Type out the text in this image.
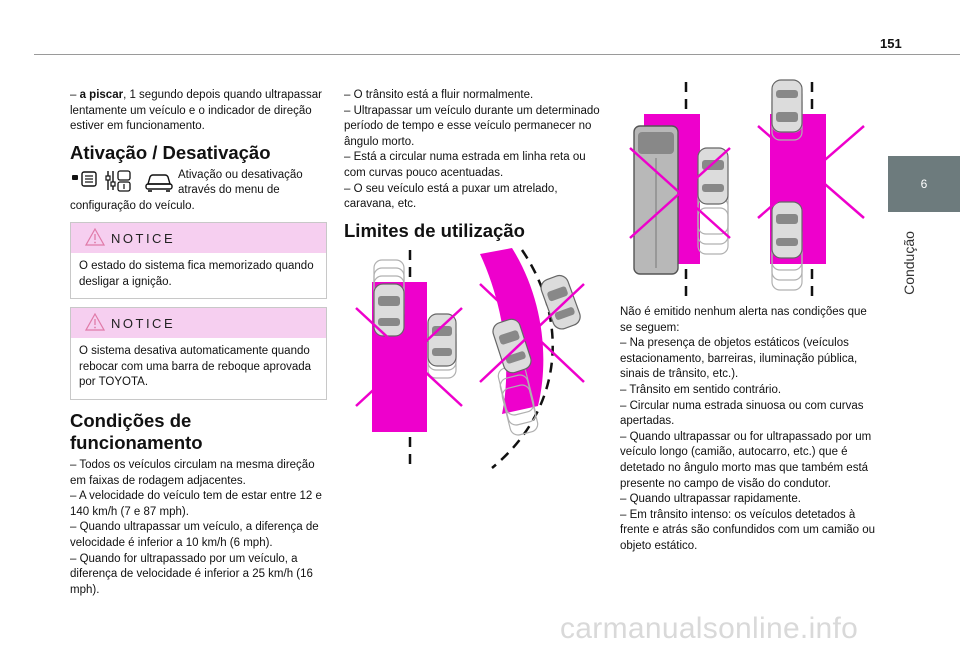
151
6
Condução

– a piscar, 1 segundo depois quando ultrapassar lentamente um veículo e o indicador de direção estiver em funcionamento.

Ativação / Desativação
Ativação ou desativação
através do menu de
configuração do veículo.
NOTICE
O estado do sistema fica memorizado quando desligar a ignição.
NOTICE
O sistema desativa automaticamente quando rebocar com uma barra de reboque aprovada por TOYOTA.
Condições de
funcionamento

– Todos os veículos circulam na mesma direção em faixas de rodagem adjacentes.

– A velocidade do veículo tem de estar entre 12 e 140 km/h (7 e 87 mph).

– Quando ultrapassar um veículo, a diferença de velocidade é inferior a 10 km/h (6 mph).

– Quando for ultrapassado por um veículo, a diferença de velocidade é inferior a 25 km/h (16 mph).

– O trânsito está a fluir normalmente.

– Ultrapassar um veículo durante um determinado período de tempo e esse veículo permanecer no ângulo morto.

– Está a circular numa estrada em linha reta ou com curvas pouco acentuadas.

– O seu veículo está a puxar um atrelado, caravana, etc.

Limites de utilização

Não é emitido nenhum alerta nas condições que se seguem:

– Na presença de objetos estáticos (veículos estacionamento, barreiras, iluminação pública, sinais de trânsito, etc.).

– Trânsito em sentido contrário.

– Circular numa estrada sinuosa ou com curvas apertadas.

– Quando ultrapassar ou for ultrapassado por um veículo longo (camião, autocarro, etc.) que é detetado no ângulo morto mas que também está presente no campo de visão do condutor.

– Quando ultrapassar rapidamente.

– Em trânsito intenso: os veículos detetados à frente e atrás são confundidos com um camião ou objeto estático.

carmanualsonline.info
